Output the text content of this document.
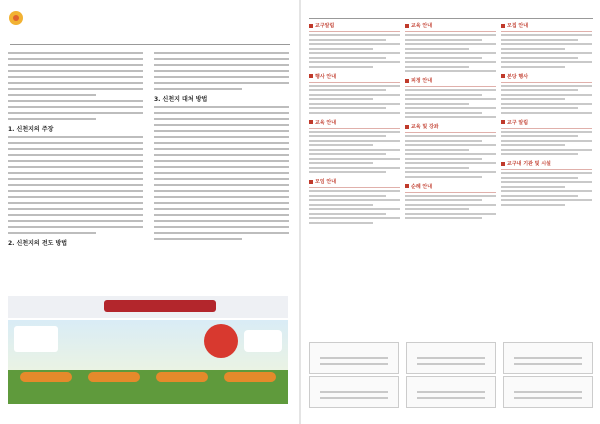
1. 신천지의 주장
2. 신천지의 전도 방법
3. 신천지 대처 방법
교구알림
행사 안내
교육 안내
모임 안내
교육 안내
피정 안내
교육 및 강좌
순례 안내
모집 안내
본당 행사
교구 알림
교구내 기관 및 시설
